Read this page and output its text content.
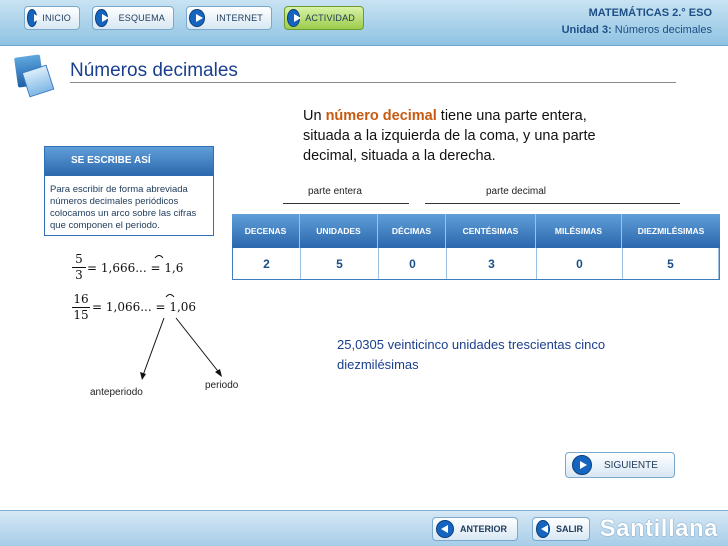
INICIO	ESQUEMA	INTERNET	ACTIVIDAD	MATEMÁTICAS 2.° ESO
Unidad 3: Números decimales
Números decimales
Un número decimal tiene una parte entera, situada a la izquierda de la coma, y una parte decimal, situada a la derecha.
SE ESCRIBE ASÍ
Para escribir de forma abreviada números decimales periódicos colocamos un arco sobre las cifras que componen el periodo.
$\frac{5}{3} = 1,666$... = 1,6
$\frac{16}{15} = 1,066$... = 1,06
anteperiodo
periodo
parte entera	parte decimal
DECENAS	UNIDADES	DÉCIMAS	CENTÉSIMAS	MILÉSIMAS	DIEZMILÉSIMAS
2	5	0	3	0	5
25,0305 veinticinco unidades trescientas cinco diezmilésimas
SIGUIENTE
ANTERIOR	SALIR Santillana
